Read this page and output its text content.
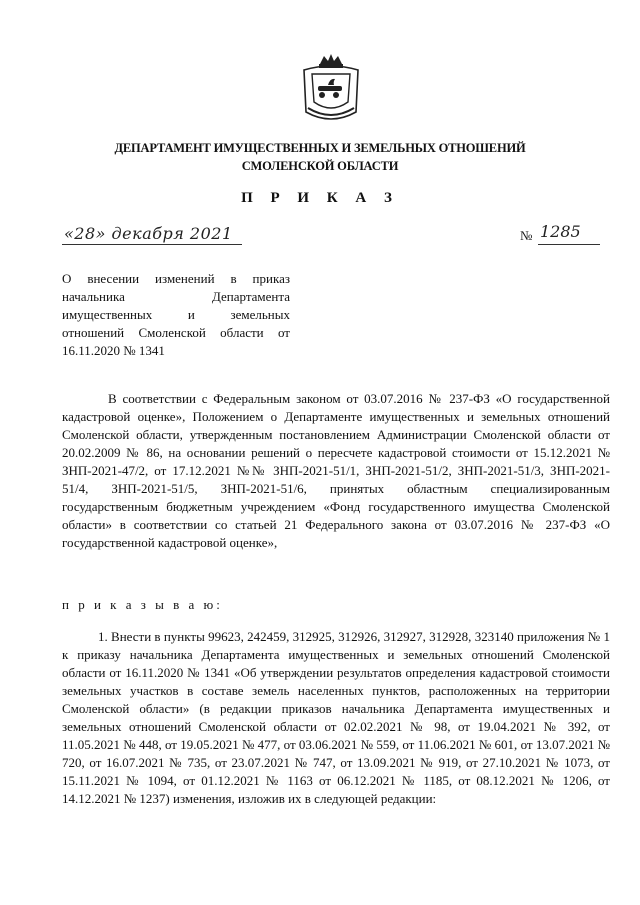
ДЕПАРТАМЕНТ ИМУЩЕСТВЕННЫХ И ЗЕМЕЛЬНЫХ ОТНОШЕНИЙ
СМОЛЕНСКОЙ ОБЛАСТИ
П Р И К А З
«28» декабря 2021	№ 1285
О внесении изменений в приказ начальника Департамента имущественных и земельных отношений Смоленской области от 16.11.2020 № 1341
В соответствии с Федеральным законом от 03.07.2016 № 237-ФЗ «О государственной кадастровой оценке», Положением о Департаменте имущественных и земельных отношений Смоленской области, утвержденным постановлением Администрации Смоленской области от 20.02.2009 № 86, на основании решений о пересчете кадастровой стоимости от 15.12.2021 № ЗНП-2021-47/2, от 17.12.2021 №№ ЗНП-2021-51/1, ЗНП-2021-51/2, ЗНП-2021-51/3, ЗНП-2021-51/4, ЗНП-2021-51/5, ЗНП-2021-51/6, принятых областным специализированным государственным бюджетным учреждением «Фонд государственного имущества Смоленской области» в соответствии со статьей 21 Федерального закона от 03.07.2016 № 237-ФЗ «О государственной кадастровой оценке»,
п р и к а з ы в а ю:
1. Внести в пункты 99623, 242459, 312925, 312926, 312927, 312928, 323140 приложения № 1 к приказу начальника Департамента имущественных и земельных отношений Смоленской области от 16.11.2020 № 1341 «Об утверждении результатов определения кадастровой стоимости земельных участков в составе земель населенных пунктов, расположенных на территории Смоленской области» (в редакции приказов начальника Департамента имущественных и земельных отношений Смоленской области от 02.02.2021 № 98, от 19.04.2021 № 392, от 11.05.2021 № 448, от 19.05.2021 № 477, от 03.06.2021 № 559, от 11.06.2021 № 601, от 13.07.2021 № 720, от 16.07.2021 № 735, от 23.07.2021 № 747, от 13.09.2021 № 919, от 27.10.2021 № 1073, от 15.11.2021 № 1094, от 01.12.2021 № 1163 от 06.12.2021 № 1185, от 08.12.2021 № 1206, от 14.12.2021 № 1237) изменения, изложив их в следующей редакции:
